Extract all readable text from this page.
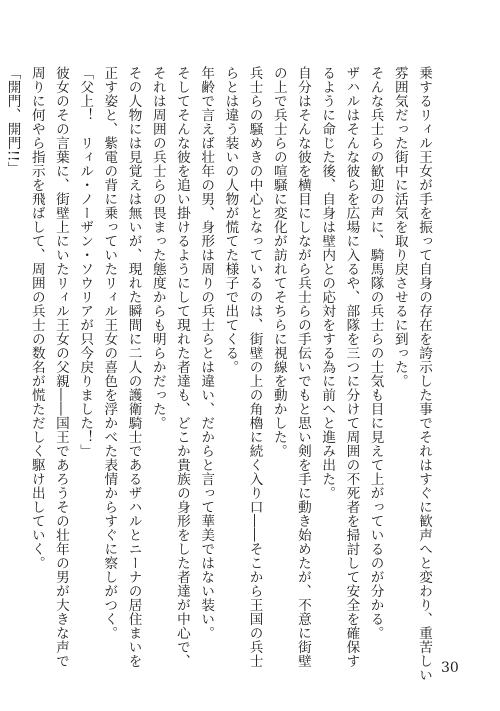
乗するリィル王女が手を振って自身の存在を誇示した事でそれはすぐに歓声へと変わり、重苦しい
雰囲気だった街中に活気を取り戻させるに到った。
そんな兵士らの歓迎の声に、騎馬隊の兵士らの士気も目に見えて上がっているのが分かる。
ザハルはそんな彼らを広場に入るや、部隊を三つに分けて周囲の不死者を掃討して安全を確保す
るように命じた後、自身は壁内との応対をする為に前へと進み出た。
自分はそんな彼を横目にしながら兵士らの手伝いでもと思い剣を手に動き始めたが、不意に街壁
の上で兵士らの喧騒に変化が訪れてそちらに視線を動かした。
兵士らの騒めきの中心となっているのは、街壁の上の角櫓に続く入り口――そこから王国の兵士
らとは違う装いの人物が慌てた様子で出てくる。
年齢で言えば壮年の男、身形は周りの兵士らとは違い、だからと言って華美ではない装い。
そしてそんな彼を追い掛けるようにして現れた者達も、どこか貴族の身形をした者達が中心で、
それは周囲の兵士らの畏まった態度からも明らかだった。
その人物には見覚えは無いが、現れた瞬間に二人の護衛騎士であるザハルとニーナの居住まいを
正す姿と、紫電の背に乗っていたリィル王女の喜色を浮かべた表情からすぐに察しがつく。
「父上！　リィル・ノーザン・ソウリアが只今戻りました！」
彼女のその言葉に、街壁上にいたリィル王女の父親――国王であろうその壮年の男が大きな声で
周りに何やら指示を飛ばして、周囲の兵士の数名が慌ただしく駆け出していく。
「開門、開門!!」
30
